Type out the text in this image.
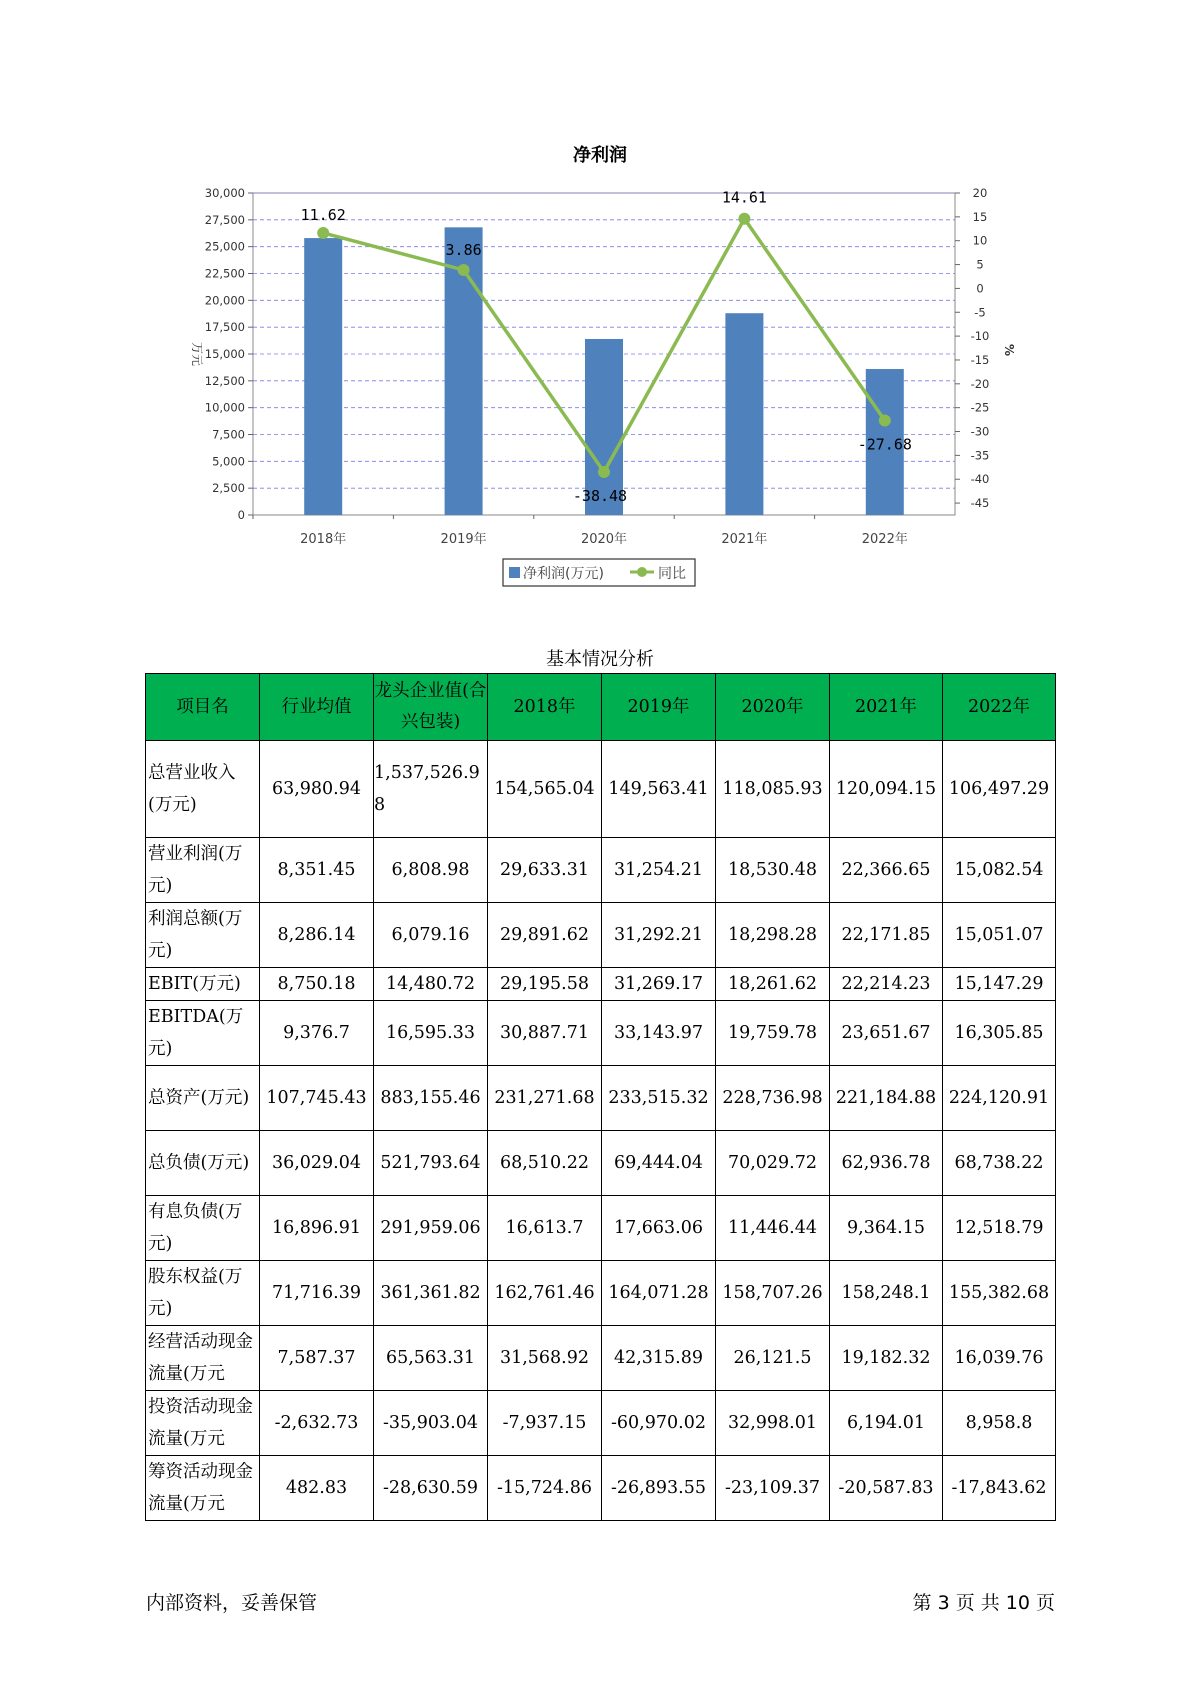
净利润
0
2,500
5,000
7,500
10,000
12,500
15,000
17,500
20,000
22,500
25,000
27,500
30,000	20
15
10
5
0
-5
-10
-15
-20
-25
-30
-35
-40
-45
万元	%
2018年	2019年	2020年	2021年	2022年
11.62
3.86
-38.48
14.61
-27.68
净利润(万元)	同比
基本情况分析
项目名	行业均值	龙头企业值(合兴包装)	2018年	2019年	2020年	2021年	2022年
总营业收入(万元)	63,980.94	1,537,526.98	154,565.04	149,563.41	118,085.93	120,094.15	106,497.29
营业利润(万元)	8,351.45	6,808.98	29,633.31	31,254.21	18,530.48	22,366.65	15,082.54
利润总额(万元)	8,286.14	6,079.16	29,891.62	31,292.21	18,298.28	22,171.85	15,051.07
EBIT(万元)	8,750.18	14,480.72	29,195.58	31,269.17	18,261.62	22,214.23	15,147.29
EBITDA(万元)	9,376.7	16,595.33	30,887.71	33,143.97	19,759.78	23,651.67	16,305.85
总资产(万元)	107,745.43	883,155.46	231,271.68	233,515.32	228,736.98	221,184.88	224,120.91
总负债(万元)	36,029.04	521,793.64	68,510.22	69,444.04	70,029.72	62,936.78	68,738.22
有息负债(万元)	16,896.91	291,959.06	16,613.7	17,663.06	11,446.44	9,364.15	12,518.79
股东权益(万元)	71,716.39	361,361.82	162,761.46	164,071.28	158,707.26	158,248.1	155,382.68
经营活动现金流量(万元	7,587.37	65,563.31	31,568.92	42,315.89	26,121.5	19,182.32	16,039.76
投资活动现金流量(万元	-2,632.73	-35,903.04	-7,937.15	-60,970.02	32,998.01	6,194.01	8,958.8
筹资活动现金流量(万元	482.83	-28,630.59	-15,724.86	-26,893.55	-23,109.37	-20,587.83	-17,843.62
内部资料，妥善保管	第 3 页 共 10 页
